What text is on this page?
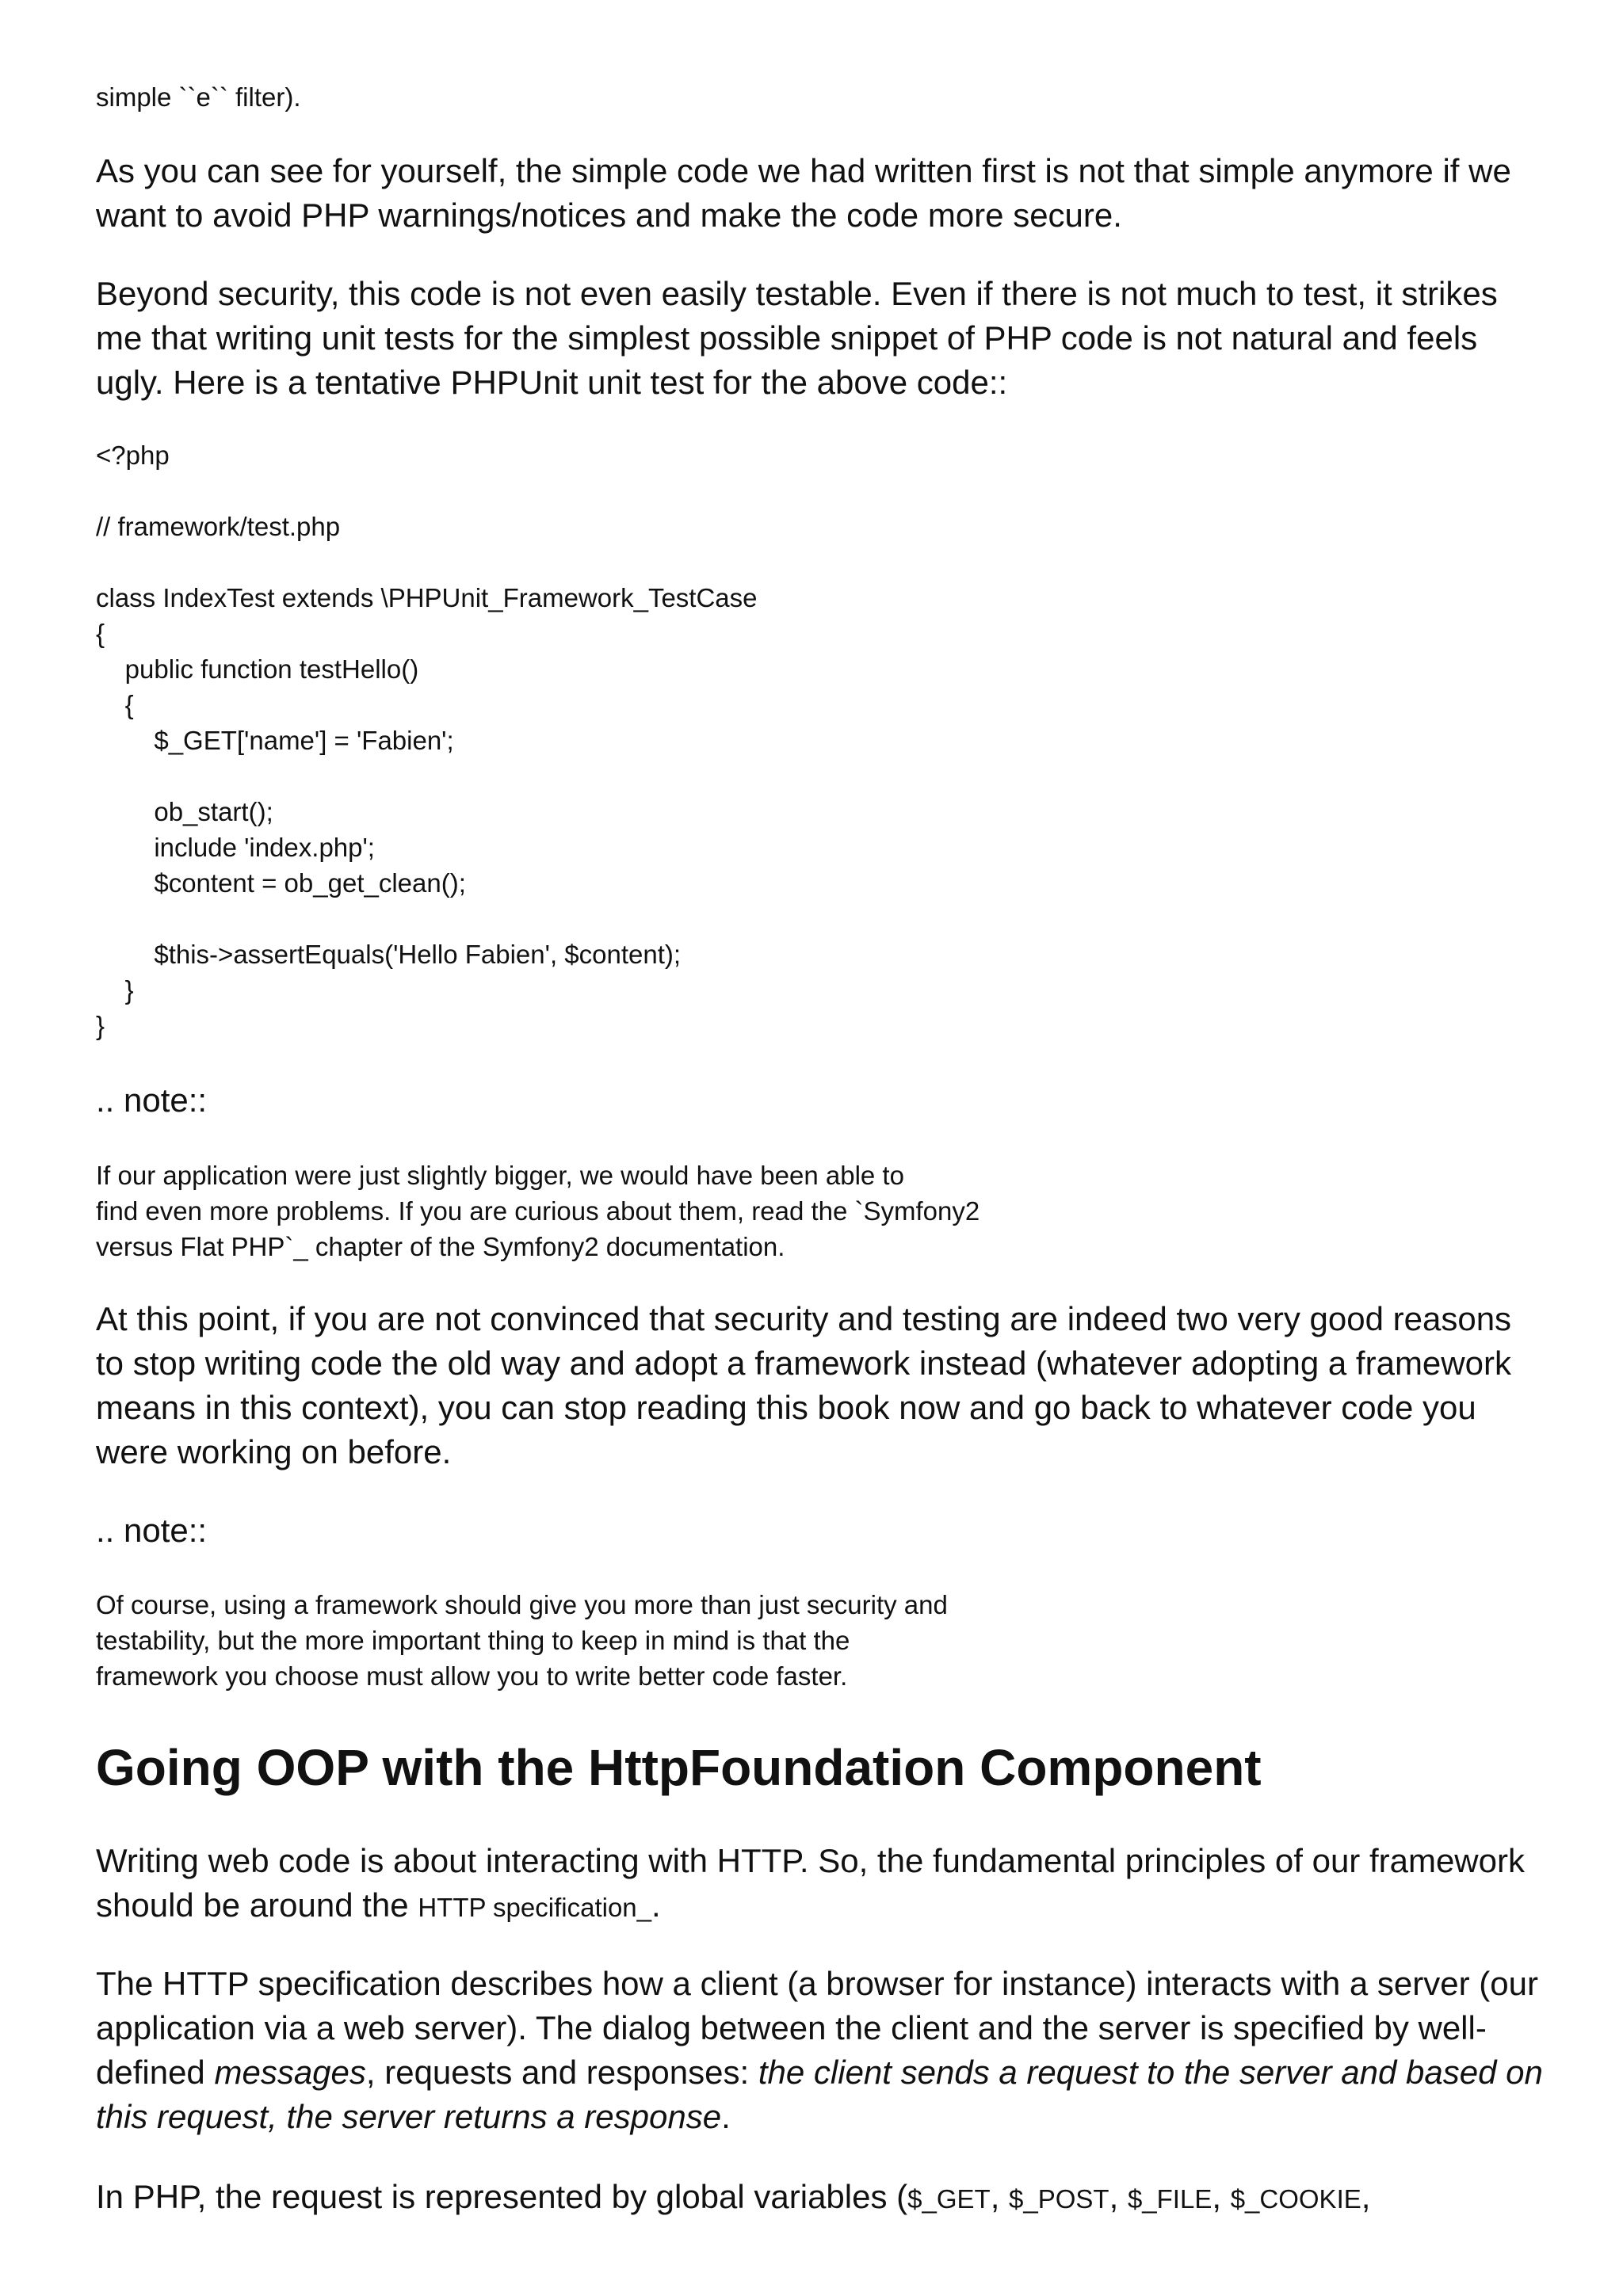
simple ``e`` filter).

As you can see for yourself, the simple code we had written first is not that simple anymore if we want to avoid PHP warnings/notices and make the code more secure.

Beyond security, this code is not even easily testable. Even if there is not much to test, it strikes me that writing unit tests for the simplest possible snippet of PHP code is not natural and feels ugly. Here is a tentative PHPUnit unit test for the above code::

<?php
// framework/test.php
class IndexTest extends \PHPUnit_Framework_TestCase
{
public function testHello()
{
$_GET['name'] = 'Fabien';
ob_start();
include 'index.php';
$content = ob_get_clean();
$this->assertEquals('Hello Fabien', $content);
}
}
.. note::
If our application were just slightly bigger, we would have been able to
find even more problems. If you are curious about them, read the `Symfony2
versus Flat PHP`_ chapter of the Symfony2 documentation.

At this point, if you are not convinced that security and testing are indeed two very good reasons to stop writing code the old way and adopt a framework instead (whatever adopting a framework means in this context), you can stop reading this book now and go back to whatever code you were working on before.

.. note::
Of course, using a framework should give you more than just security and
testability, but the more important thing to keep in mind is that the
framework you choose must allow you to write better code faster.
Going OOP with the HttpFoundation Component

Writing web code is about interacting with HTTP. So, the fundamental principles of our framework should be around the HTTP specification_.

The HTTP specification describes how a client (a browser for instance) interacts with a server (our application via a web server). The dialog between the client and the server is specified by well-defined messages, requests and responses: the client sends a request to the server and based on this request, the server returns a response.

In PHP, the request is represented by global variables ($_GET, $_POST, $_FILE, $_COOKIE,
